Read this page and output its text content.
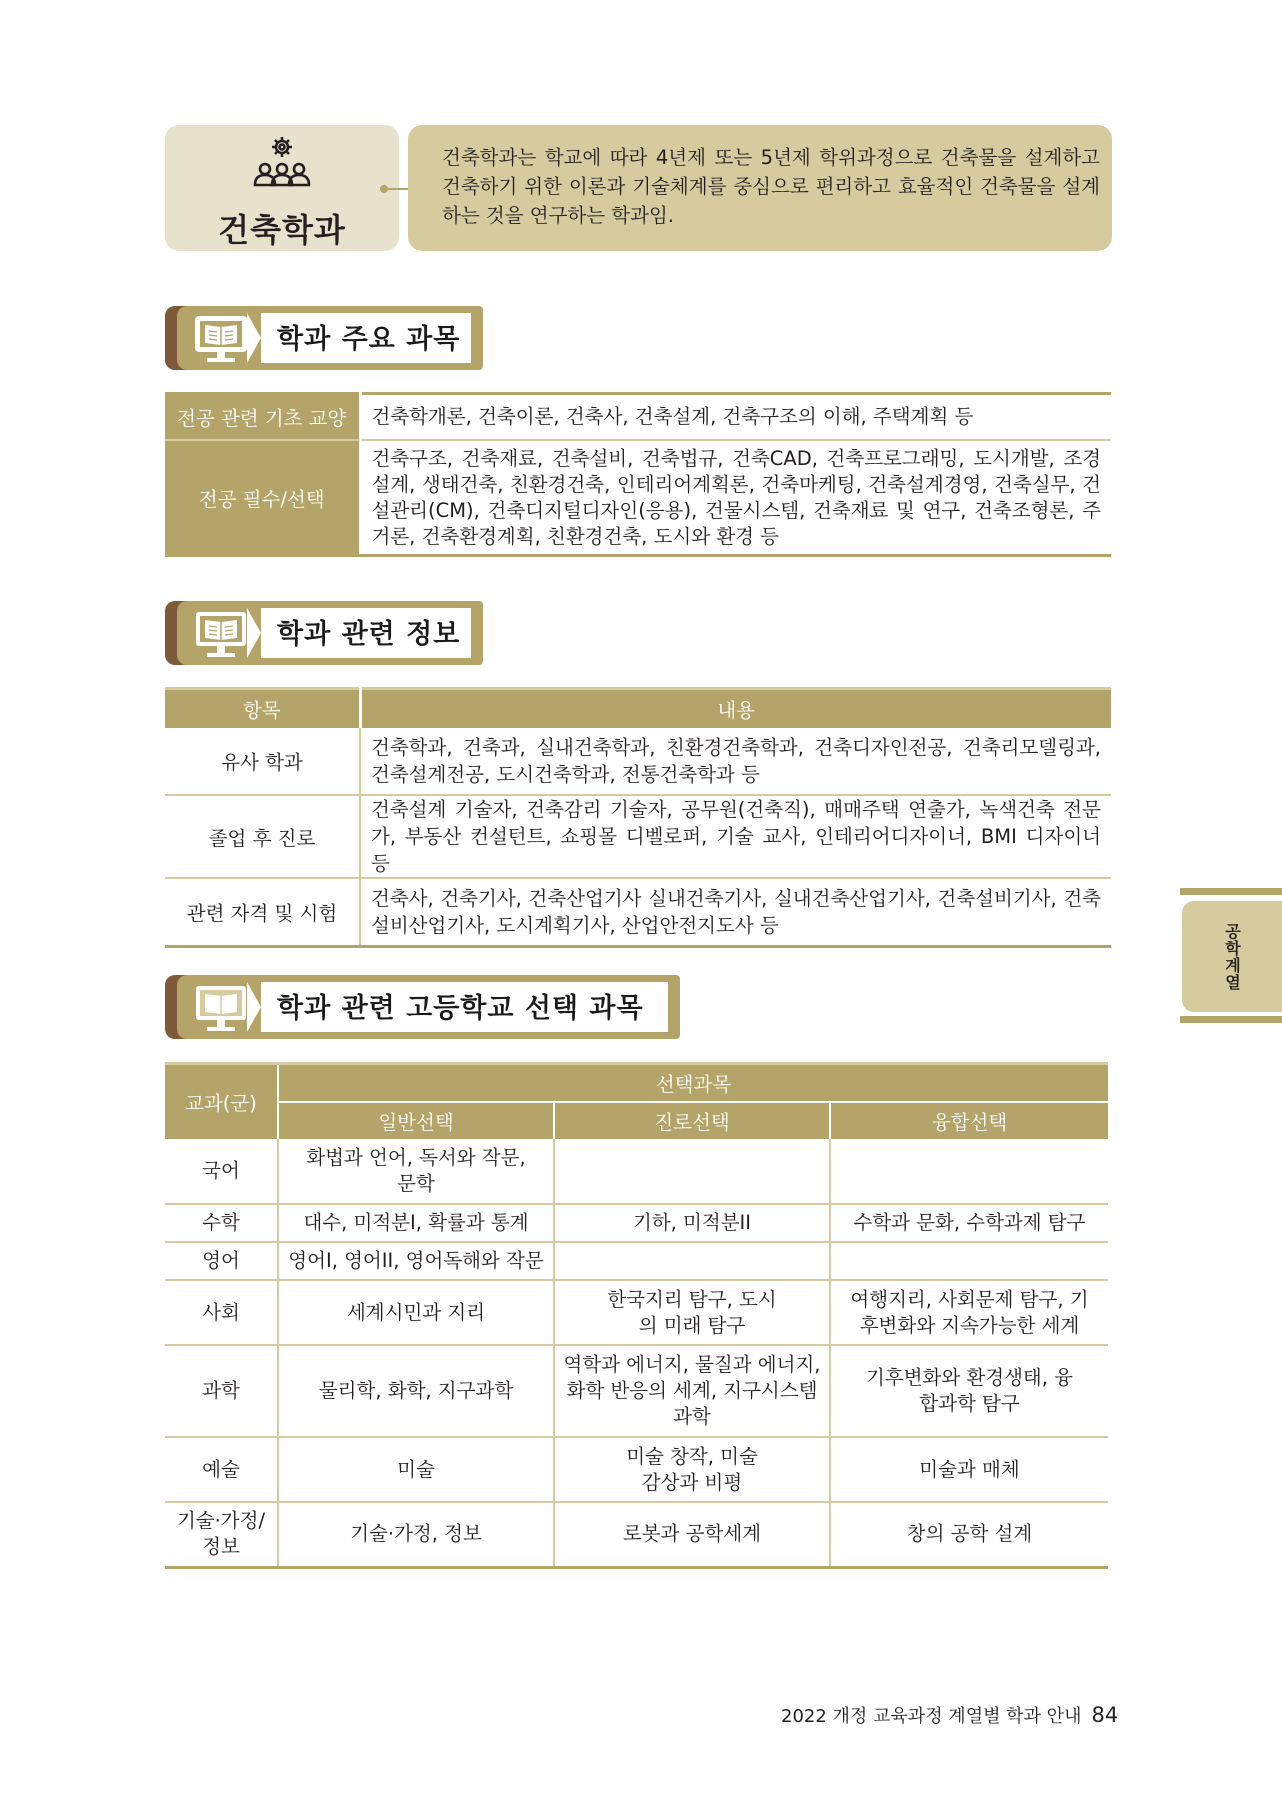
건축학과
건축학과는 학교에 따라 4년제 또는 5년제 학위과정으로 건축물을 설계하고 건축하기 위한 이론과 기술체계를 중심으로 편리하고 효율적인 건축물을 설계하는 것을 연구하는 학과임.
학과 주요 과목
전공 관련 기초 교양	건축학개론, 건축이론, 건축사, 건축설계, 건축구조의 이해, 주택계획 등
전공 필수/선택	건축구조, 건축재료, 건축설비, 건축법규, 건축CAD, 건축프로그래밍, 도시개발, 조경설계, 생태건축, 친환경건축, 인테리어계획론, 건축마케팅, 건축설계경영, 건축실무, 건설관리(CM), 건축디지털디자인(응용), 건물시스템, 건축재료 및 연구, 건축조형론, 주거론, 건축환경계획, 친환경건축, 도시와 환경 등
학과 관련 정보
항목	내용
유사 학과	건축학과, 건축과, 실내건축학과, 친환경건축학과, 건축디자인전공, 건축리모델링과, 건축설계전공, 도시건축학과, 전통건축학과 등
졸업 후 진로	건축설계 기술자, 건축감리 기술자, 공무원(건축직), 매매주택 연출가, 녹색건축 전문가, 부동산 컨설턴트, 쇼핑몰 디벨로퍼, 기술 교사, 인테리어디자이너, BMI 디자이너 등
관련 자격 및 시험	건축사, 건축기사, 건축산업기사 실내건축기사, 실내건축산업기사, 건축설비기사, 건축설비산업기사, 도시계획기사, 산업안전지도사 등
학과 관련 고등학교 선택 과목
교과(군)	선택과목		
	일반선택	진로선택	융합선택
국어	화법과 언어, 독서와 작문, 문학		
수학	대수, 미적분I, 확률과 통계	기하, 미적분II	수학과 문화, 수학과제 탐구
영어	영어I, 영어II, 영어독해와 작문		
사회	세계시민과 지리	한국지리 탐구, 도시의 미래 탐구	여행지리, 사회문제 탐구, 기후변화와 지속가능한 세계
과학	물리학, 화학, 지구과학	역학과 에너지, 물질과 에너지, 화학 반응의 세계, 지구시스템과학	기후변화와 환경생태, 융합과학 탐구
예술	미술	미술 창작, 미술 감상과 비평	미술과 매체
기술·가정/정보	기술·가정, 정보	로봇과 공학세계	창의 공학 설계
공학계열
2022 개정 교육과정 계열별 학과 안내 84
